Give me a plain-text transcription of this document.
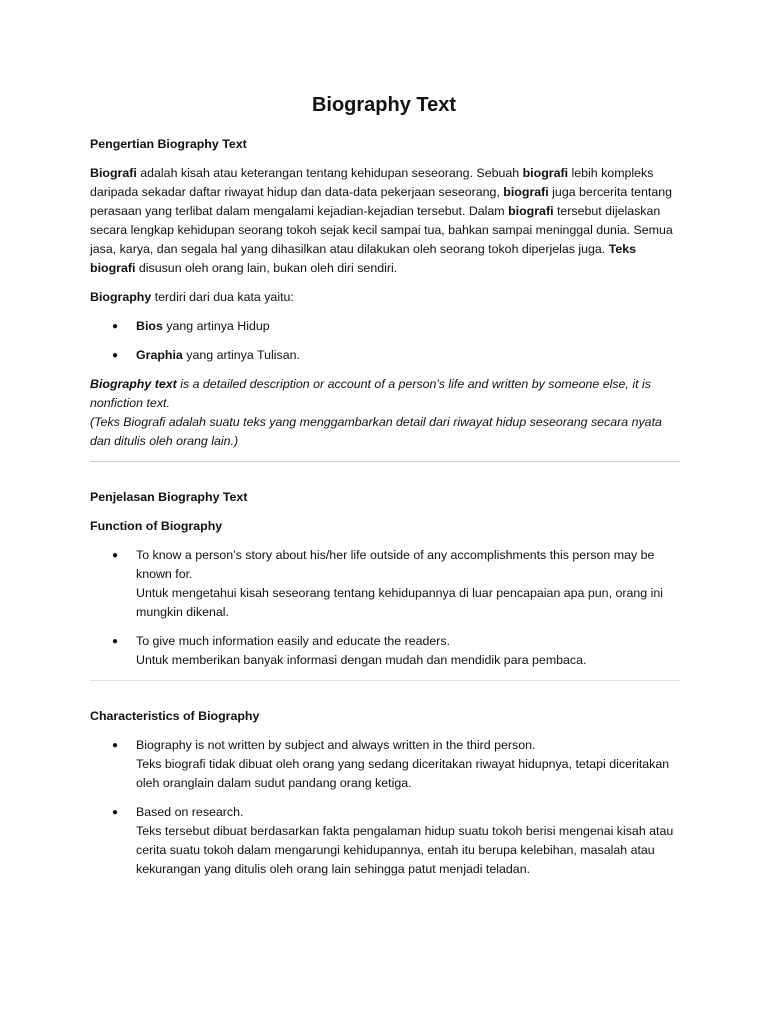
Biography Text

Pengertian Biography Text

Biografi adalah kisah atau keterangan tentang kehidupan seseorang. Sebuah biografi lebih kompleks daripada sekadar daftar riwayat hidup dan data-data pekerjaan seseorang, biografi juga bercerita tentang perasaan yang terlibat dalam mengalami kejadian-kejadian tersebut. Dalam biografi tersebut dijelaskan secara lengkap kehidupan seorang tokoh sejak kecil sampai tua, bahkan sampai meninggal dunia. Semua jasa, karya, dan segala hal yang dihasilkan atau dilakukan oleh seorang tokoh diperjelas juga. Teks biografi disusun oleh orang lain, bukan oleh diri sendiri.

Biography terdiri dari dua kata yaitu:

● Bios yang artinya Hidup
● Graphia yang artinya Tulisan.

Biography text is a detailed description or account of a person's life and written by someone else, it is nonfiction text.
(Teks Biografi adalah suatu teks yang menggambarkan detail dari riwayat hidup seseorang secara nyata dan ditulis oleh orang lain.)

Penjelasan Biography Text

Function of Biography

● To know a person’s story about his/her life outside of any accomplishments this person may be known for.
Untuk mengetahui kisah seseorang tentang kehidupannya di luar pencapaian apa pun, orang ini mungkin dikenal.
● To give much information easily and educate the readers.
Untuk memberikan banyak informasi dengan mudah dan mendidik para pembaca.

Characteristics of Biography

● Biography is not written by subject and always written in the third person.
Teks biografi tidak dibuat oleh orang yang sedang diceritakan riwayat hidupnya, tetapi diceritakan oleh oranglain dalam sudut pandang orang ketiga.
● Based on research.
Teks tersebut dibuat berdasarkan fakta pengalaman hidup suatu tokoh berisi mengenai kisah atau cerita suatu tokoh dalam mengarungi kehidupannya, entah itu berupa kelebihan, masalah atau kekurangan yang ditulis oleh orang lain sehingga patut menjadi teladan.
